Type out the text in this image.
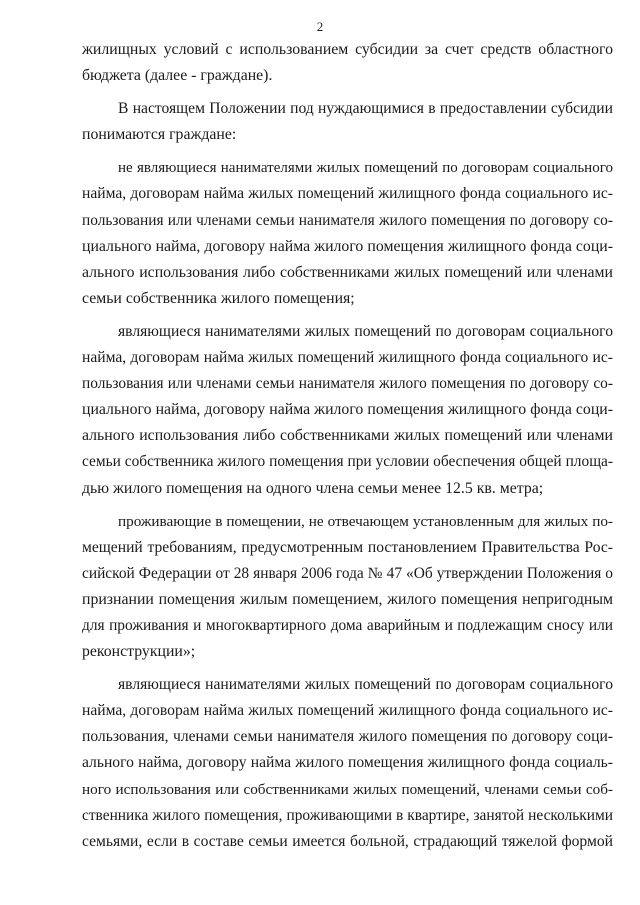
2
жилищных условий с использованием субсидии за счет средств областного
бюджета (далее - граждане).
В настоящем Положении под нуждающимися в предоставлении субсидии
понимаются граждане:
не являющиеся нанимателями жилых помещений по договорам социального
найма, договорам найма жилых помещений жилищного фонда социального ис-
пользования или членами семьи нанимателя жилого помещения по договору со-
циального найма, договору найма жилого помещения жилищного фонда соци-
ального использования либо собственниками жилых помещений или членами
семьи собственника жилого помещения;
являющиеся нанимателями жилых помещений по договорам социального
найма, договорам найма жилых помещений жилищного фонда социального ис-
пользования или членами семьи нанимателя жилого помещения по договору со-
циального найма, договору найма жилого помещения жилищного фонда соци-
ального использования либо собственниками жилых помещений или членами
семьи собственника жилого помещения при условии обеспечения общей площа-
дью жилого помещения на одного члена семьи менее 12.5 кв. метра;
проживающие в помещении, не отвечающем установленным для жилых по-
мещений требованиям, предусмотренным постановлением Правительства Рос-
сийской Федерации от 28 января 2006 года № 47 «Об утверждении Положения о
признании помещения жилым помещением, жилого помещения непригодным
для проживания и многоквартирного дома аварийным и подлежащим сносу или
реконструкции»;
являющиеся нанимателями жилых помещений по договорам социального
найма, договорам найма жилых помещений жилищного фонда социального ис-
пользования, членами семьи нанимателя жилого помещения по договору соци-
ального найма, договору найма жилого помещения жилищного фонда социаль-
ного использования или собственниками жилых помещений, членами семьи соб-
ственника жилого помещения, проживающими в квартире, занятой несколькими
семьями, если в составе семьи имеется больной, страдающий тяжелой формой
